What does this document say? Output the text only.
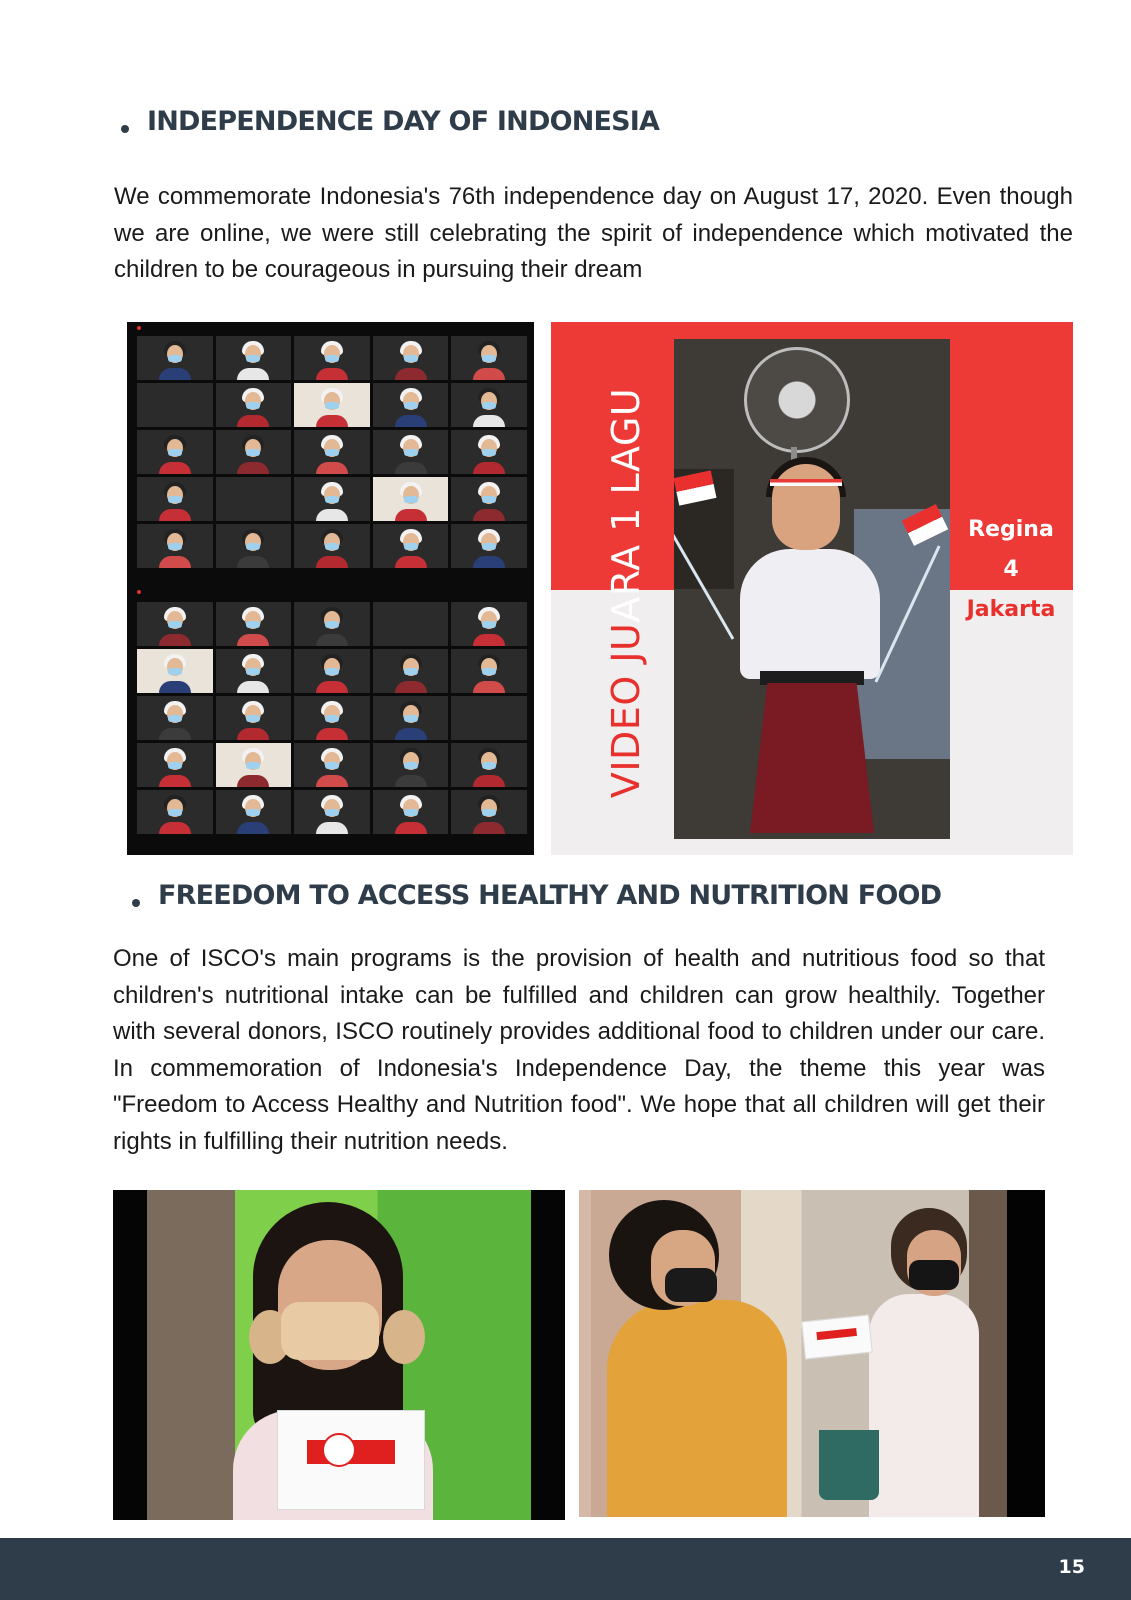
INDEPENDENCE DAY OF INDONESIA

We commemorate Indonesia's 76th independence day on August 17, 2020. Even though we are online, we were still celebrating the spirit of independence which motivated the children to be courageous in pursuing their dream

VIDEO JUARA 1 LAGU	Regina
4
Jakarta
FREEDOM TO ACCESS HEALTHY AND NUTRITION FOOD

One of ISCO's main programs is the provision of health and nutritious food so that children's nutritional intake can be fulfilled and children can grow healthily. Together with several donors, ISCO routinely provides additional food to children under our care. In commemoration of Indonesia's Independence Day, the theme this year was "Freedom to Access Healthy and Nutrition food". We hope that all children will get their rights in fulfilling their nutrition needs.

15
